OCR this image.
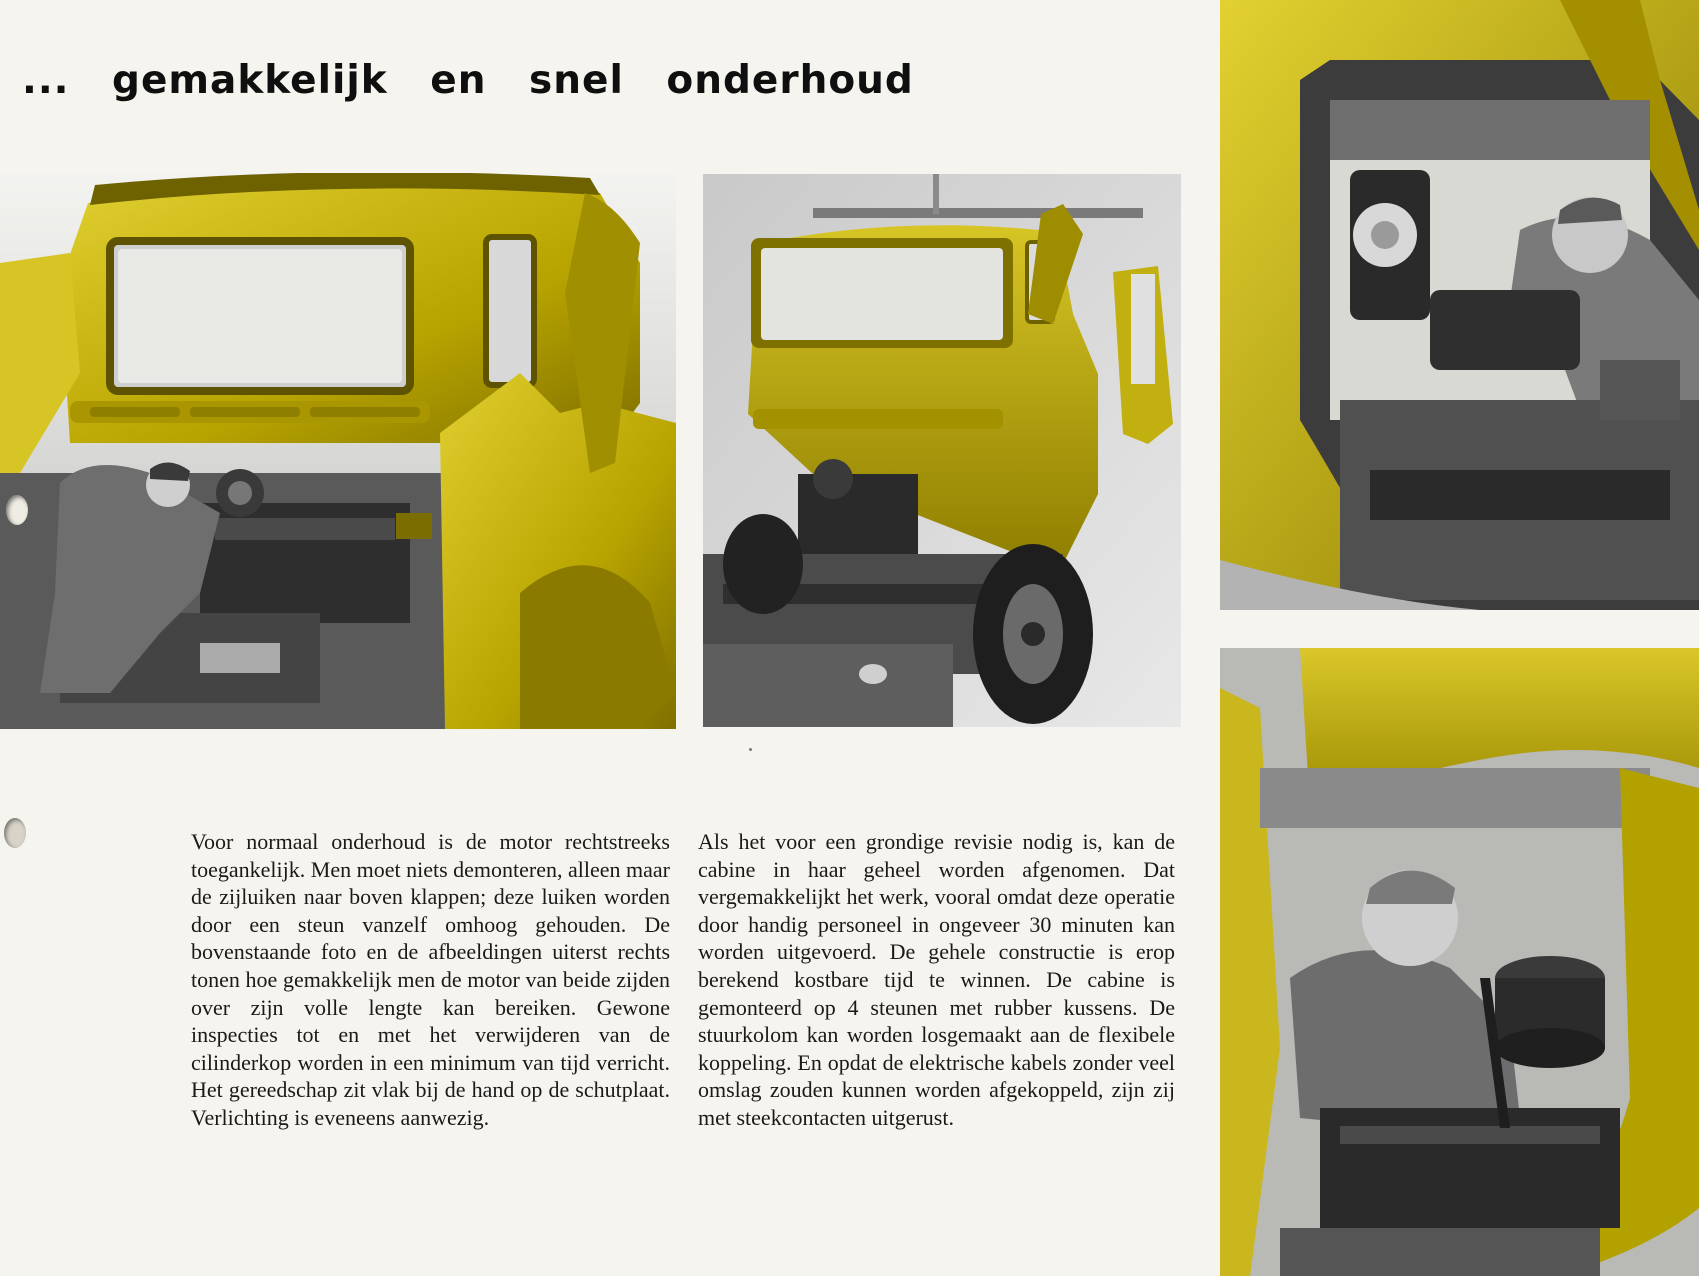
... gemakkelijk en snel onderhoud

Voor normaal onderhoud is de motor rechtstreeks toegankelijk. Men moet niets demonteren, alleen maar de zijluiken naar boven klappen; deze luiken worden door een steun vanzelf omhoog gehouden. De bovenstaande foto en de afbeeldingen uiterst rechts tonen hoe gemakkelijk men de motor van beide zijden over zijn volle lengte kan bereiken. Gewone inspecties tot en met het verwijderen van de cilinderkop worden in een minimum van tijd verricht. Het gereedschap zit vlak bij de hand op de schutplaat. Verlichting is eveneens aanwezig.

Als het voor een grondige revisie nodig is, kan de cabine in haar geheel worden afgenomen. Dat vergemakkelijkt het werk, vooral omdat deze operatie door handig personeel in ongeveer 30 minuten kan worden uitgevoerd. De gehele constructie is erop berekend kostbare tijd te winnen. De cabine is gemonteerd op 4 steunen met rubber kussens. De stuurkolom kan worden losgemaakt aan de flexibele koppeling. En opdat de elektrische kabels zonder veel omslag zouden kunnen worden afgekoppeld, zijn zij met steekcontacten uitgerust.
